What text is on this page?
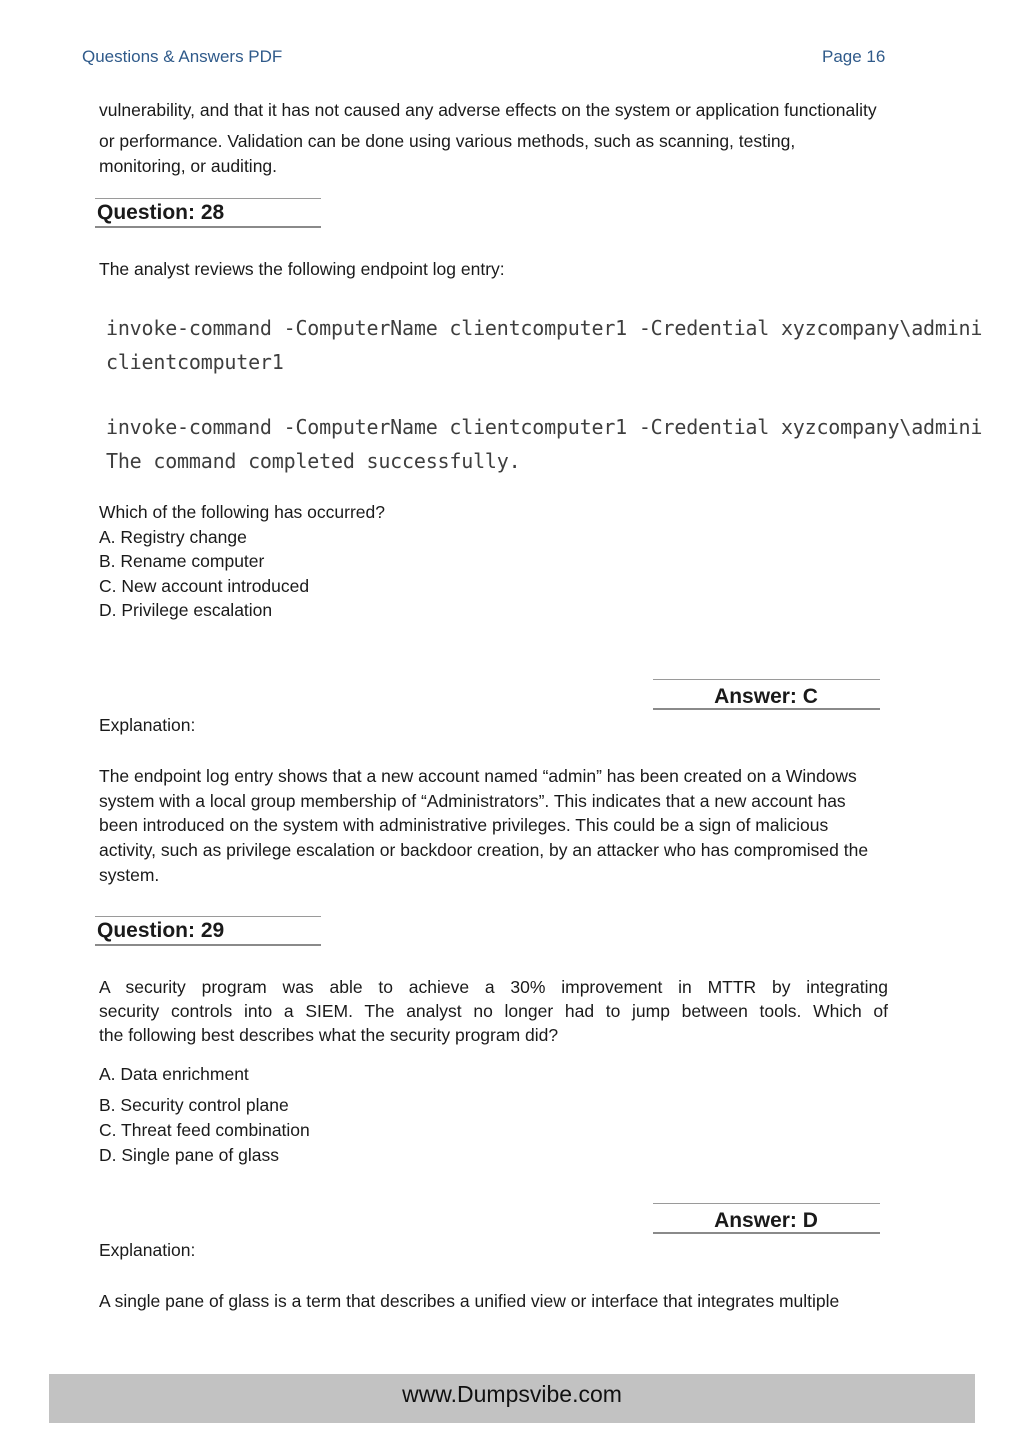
Questions & Answers PDF	Page 16
vulnerability, and that it has not caused any adverse effects on the system or application functionality
or performance. Validation can be done using various methods, such as scanning, testing,
monitoring, or auditing.
Question: 28
The analyst reviews the following endpoint log entry:
invoke-command -ComputerName clientcomputer1 -Credential xyzcompany\admini
clientcomputer1
invoke-command -ComputerName clientcomputer1 -Credential xyzcompany\admini
The command completed successfully.
Which of the following has occurred?
A. Registry change
B. Rename computer
C. New account introduced
D. Privilege escalation
Answer: C
Explanation:
The endpoint log entry shows that a new account named “admin” has been created on a Windows
system with a local group membership of “Administrators”. This indicates that a new account has
been introduced on the system with administrative privileges. This could be a sign of malicious
activity, such as privilege escalation or backdoor creation, by an attacker who has compromised the
system.
Question: 29
A security program was able to achieve a 30% improvement in MTTR by integrating
security controls into a SIEM. The analyst no longer had to jump between tools. Which of
the following best describes what the security program did?
A. Data enrichment
B. Security control plane
C. Threat feed combination
D. Single pane of glass
Answer: D
Explanation:
A single pane of glass is a term that describes a unified view or interface that integrates multiple
www.Dumpsvibe.com
